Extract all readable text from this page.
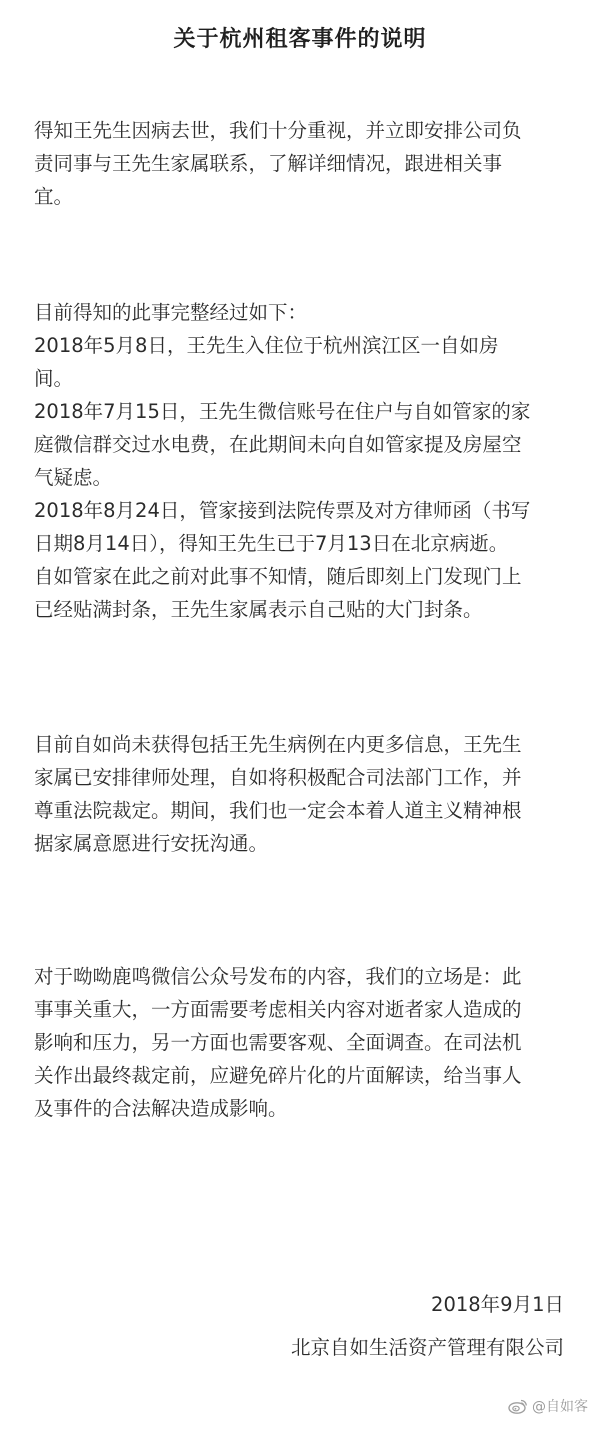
关于杭州租客事件的说明
得知王先生因病去世，我们十分重视，并立即安排公司负
责同事与王先生家属联系，了解详细情况，跟进相关事
宜。
目前得知的此事完整经过如下：
2018年5月8日，王先生入住位于杭州滨江区一自如房
间。
2018年7月15日，王先生微信账号在住户与自如管家的家
庭微信群交过水电费，在此期间未向自如管家提及房屋空
气疑虑。
2018年8月24日，管家接到法院传票及对方律师函（书写
日期8月14日），得知王先生已于7月13日在北京病逝。
自如管家在此之前对此事不知情，随后即刻上门发现门上
已经贴满封条，王先生家属表示自己贴的大门封条。
目前自如尚未获得包括王先生病例在内更多信息，王先生
家属已安排律师处理，自如将积极配合司法部门工作，并
尊重法院裁定。期间，我们也一定会本着人道主义精神根
据家属意愿进行安抚沟通。
对于呦呦鹿鸣微信公众号发布的内容，我们的立场是：此
事事关重大，一方面需要考虑相关内容对逝者家人造成的
影响和压力，另一方面也需要客观、全面调查。在司法机
关作出最终裁定前，应避免碎片化的片面解读，给当事人
及事件的合法解决造成影响。
2018年9月1日
北京自如生活资产管理有限公司
@自如客
